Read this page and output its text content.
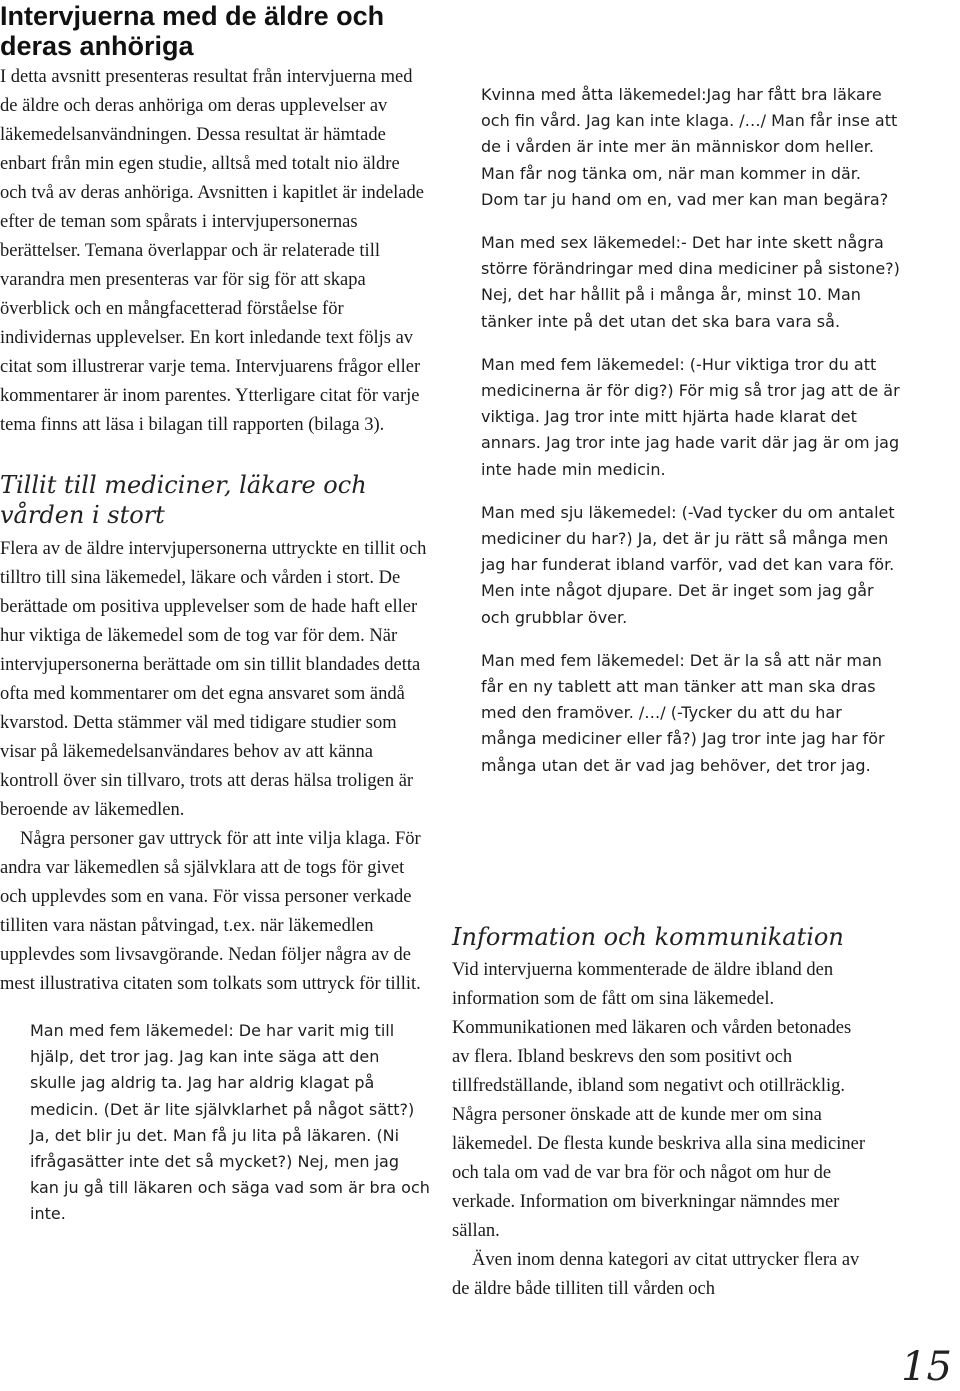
Intervjuerna med de äldre och deras anhöriga

I detta avsnitt presenteras resultat från intervjuerna med de äldre och deras anhöriga om deras upplevelser av läkemedelsanvändningen. Dessa resultat är hämtade enbart från min egen studie, alltså med totalt nio äldre och två av deras anhöriga. Avsnitten i kapitlet är indelade efter de teman som spårats i intervjupersonernas berättelser. Temana överlappar och är relaterade till varandra men presenteras var för sig för att skapa överblick och en mångfacetterad förståelse för individernas upplevelser. En kort inledande text följs av citat som illustrerar varje tema. Intervjuarens frågor eller kommentarer är inom parentes. Ytterligare citat för varje tema finns att läsa i bilagan till rapporten (bilaga 3).

Tillit till mediciner, läkare och vården i stort

Flera av de äldre intervjupersonerna uttryckte en tillit och tilltro till sina läkemedel, läkare och vården i stort. De berättade om positiva upplevelser som de hade haft eller hur viktiga de läkemedel som de tog var för dem. När intervjupersonerna berättade om sin tillit blandades detta ofta med kommentarer om det egna ansvaret som ändå kvarstod. Detta stämmer väl med tidigare studier som visar på läkemedelsanvändares behov av att känna kontroll över sin tillvaro, trots att deras hälsa troligen är beroende av läkemedlen.

Några personer gav uttryck för att inte vilja klaga. För andra var läkemedlen så självklara att de togs för givet och upplevdes som en vana. För vissa personer verkade tilliten vara nästan påtvingad, t.ex. när läkemedlen upplevdes som livsavgörande. Nedan följer några av de mest illustrativa citaten som tolkats som uttryck för tillit.

Man med fem läkemedel: De har varit mig till hjälp, det tror jag. Jag kan inte säga att den skulle jag aldrig ta. Jag har aldrig klagat på medicin. (Det är lite självklarhet på något sätt?) Ja, det blir ju det. Man få ju lita på läkaren. (Ni ifrågasätter inte det så mycket?) Nej, men jag kan ju gå till läkaren och säga vad som är bra och inte.

Kvinna med åtta läkemedel:Jag har fått bra läkare och fin vård. Jag kan inte klaga. /…/ Man får inse att de i vården är inte mer än människor dom heller. Man får nog tänka om, när man kommer in där. Dom tar ju hand om en, vad mer kan man begära?

Man med sex läkemedel:- Det har inte skett några större förändringar med dina mediciner på sistone?) Nej, det har hållit på i många år, minst 10. Man tänker inte på det utan det ska bara vara så.

Man med fem läkemedel: (-Hur viktiga tror du att medicinerna är för dig?) För mig så tror jag att de är viktiga. Jag tror inte mitt hjärta hade klarat det annars. Jag tror inte jag hade varit där jag är om jag inte hade min medicin.

Man med sju läkemedel: (-Vad tycker du om antalet mediciner du har?) Ja, det är ju rätt så många men jag har funderat ibland varför, vad det kan vara för. Men inte något djupare. Det är inget som jag går och grubblar över.

Man med fem läkemedel: Det är la så att när man får en ny tablett att man tänker att man ska dras med den framöver. /…/ (-Tycker du att du har många mediciner eller få?) Jag tror inte jag har för många utan det är vad jag behöver, det tror jag.

Information och kommunikation

Vid intervjuerna kommenterade de äldre ibland den information som de fått om sina läkemedel. Kommunikationen med läkaren och vården betonades av flera. Ibland beskrevs den som positivt och tillfredställande, ibland som negativt och otillräcklig. Några personer önskade att de kunde mer om sina läkemedel. De flesta kunde beskriva alla sina mediciner och tala om vad de var bra för och något om hur de verkade. Information om biverkningar nämndes mer sällan.

Även inom denna kategori av citat uttrycker flera av de äldre både tilliten till vården och

15
